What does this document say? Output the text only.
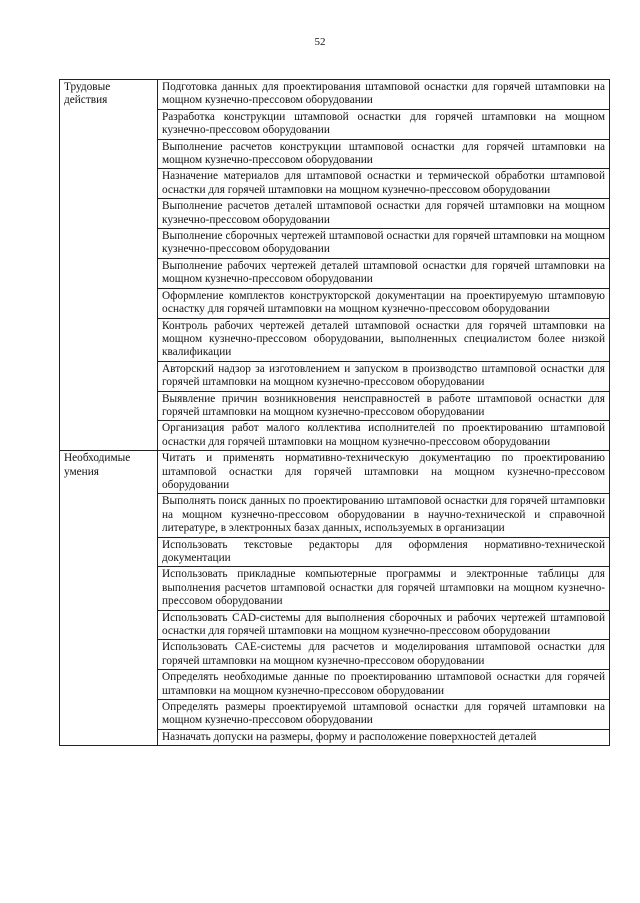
52
Трудовые действия	Подготовка данных для проектирования штамповой оснастки для горячей штамповки на мощном кузнечно-прессовом оборудовании
	Разработка конструкции штамповой оснастки для горячей штамповки на мощном кузнечно-прессовом оборудовании
	Выполнение расчетов конструкции штамповой оснастки для горячей штамповки на мощном кузнечно-прессовом оборудовании
	Назначение материалов для штамповой оснастки и термической обработки штамповой оснастки для горячей штамповки на мощном кузнечно-прессовом оборудовании
	Выполнение расчетов деталей штамповой оснастки для горячей штамповки на мощном кузнечно-прессовом оборудовании
	Выполнение сборочных чертежей штамповой оснастки для горячей штамповки на мощном кузнечно-прессовом оборудовании
	Выполнение рабочих чертежей деталей штамповой оснастки для горячей штамповки на мощном кузнечно-прессовом оборудовании
	Оформление комплектов конструкторской документации на проектируемую штамповую оснастку для горячей штамповки на мощном кузнечно-прессовом оборудовании
	Контроль рабочих чертежей деталей штамповой оснастки для горячей штамповки на мощном кузнечно-прессовом оборудовании, выполненных специалистом более низкой квалификации
	Авторский надзор за изготовлением и запуском в производство штамповой оснастки для горячей штамповки на мощном кузнечно-прессовом оборудовании
	Выявление причин возникновения неисправностей в работе штамповой оснастки для горячей штамповки на мощном кузнечно-прессовом оборудовании
	Организация работ малого коллектива исполнителей по проектированию штамповой оснастки для горячей штамповки на мощном кузнечно-прессовом оборудовании
Необходимые умения	Читать и применять нормативно-техническую документацию по проектированию штамповой оснастки для горячей штамповки на мощном кузнечно-прессовом оборудовании
	Выполнять поиск данных по проектированию штамповой оснастки для горячей штамповки на мощном кузнечно-прессовом оборудовании в научно-технической и справочной литературе, в электронных базах данных, используемых в организации
	Использовать текстовые редакторы для оформления нормативно-технической документации
	Использовать прикладные компьютерные программы и электронные таблицы для выполнения расчетов штамповой оснастки для горячей штамповки на мощном кузнечно-прессовом оборудовании
	Использовать CAD-системы для выполнения сборочных и рабочих чертежей штамповой оснастки для горячей штамповки на мощном кузнечно-прессовом оборудовании
	Использовать САЕ-системы для расчетов и моделирования штамповой оснастки для горячей штамповки на мощном кузнечно-прессовом оборудовании
	Определять необходимые данные по проектированию штамповой оснастки для горячей штамповки на мощном кузнечно-прессовом оборудовании
	Определять размеры проектируемой штамповой оснастки для горячей штамповки на мощном кузнечно-прессовом оборудовании
	Назначать допуски на размеры, форму и расположение поверхностей деталей
